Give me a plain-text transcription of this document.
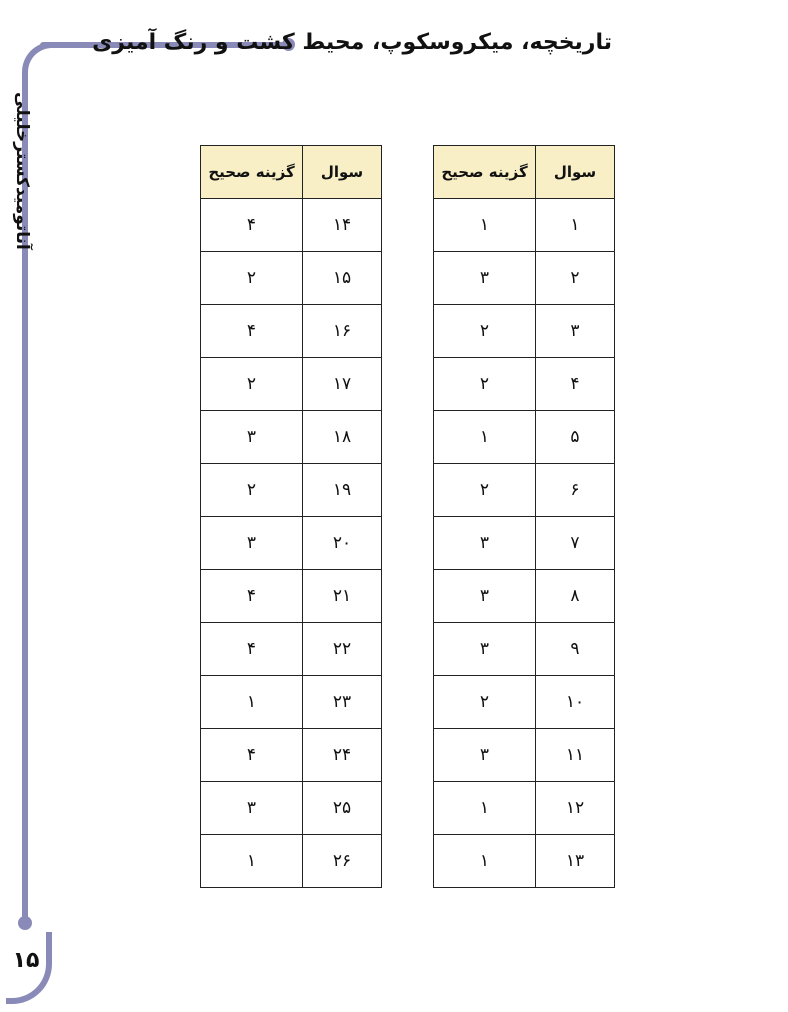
آناتومیدکسترخلیلی
تاریخچه، میکروسکوپ، محیط کشت و رنگ آمیزی
۱۵
سوال	گزینه صحیح
۱	۱
۲	۳
۳	۲
۴	۲
۵	۱
۶	۲
۷	۳
۸	۳
۹	۳
۱۰	۲
۱۱	۳
۱۲	۱
۱۳	۱
سوال	گزینه صحیح
۱۴	۴
۱۵	۲
۱۶	۴
۱۷	۲
۱۸	۳
۱۹	۲
۲۰	۳
۲۱	۴
۲۲	۴
۲۳	۱
۲۴	۴
۲۵	۳
۲۶	۱
